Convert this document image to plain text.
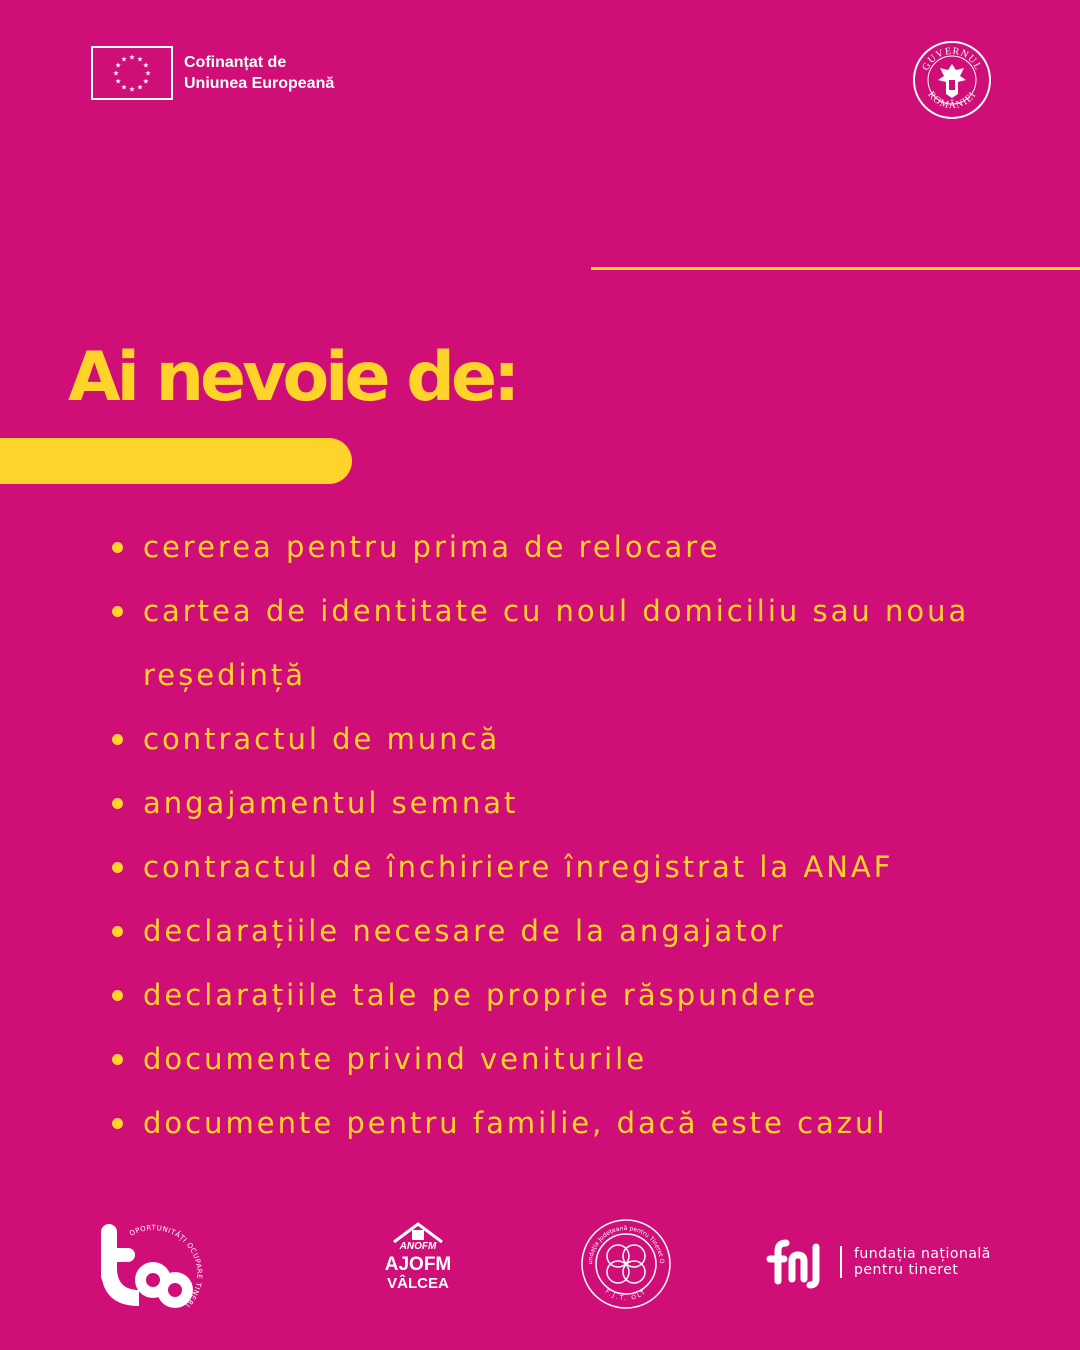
★ ★
★
★
★
★
★
★
★
★
★
★	Cofinanțat de
Uniunea Europeană
GUVERNUL
ROMÂNIEI
Ai nevoie de:
cererea pentru prima de relocare
cartea de identitate cu noul domiciliu sau noua reședință
contractul de muncă
angajamentul semnat
contractul de închiriere înregistrat la ANAF
declarațiile necesare de la angajator
declarațiile tale pe proprie răspundere
documente privind veniturile
documente pentru familie, dacă este cazul
OPORTUNITĂȚI OCUPARE TINERI
ANOFM
AJOFM
VÂLCEA
undația Județeană pentru Tineret O
F.J.T. OLT
fundația națională
pentru tineret
